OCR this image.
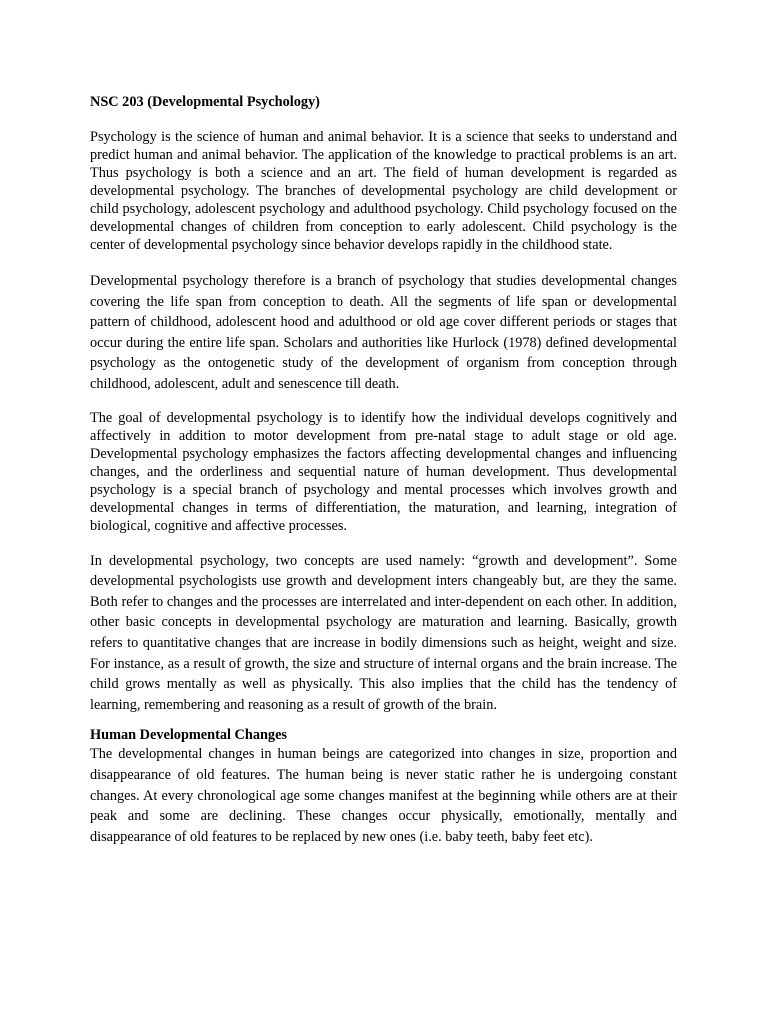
NSC 203 (Developmental Psychology)

Psychology is the science of human and animal behavior. It is a science that seeks to understand and predict human and animal behavior. The application of the knowledge to practical problems is an art. Thus psychology is both a science and an art. The field of human development is regarded as developmental psychology. The branches of developmental psychology are child development or child psychology, adolescent psychology and adulthood psychology. Child psychology focused on the developmental changes of children from conception to early adolescent. Child psychology is the center of developmental psychology since behavior develops rapidly in the childhood state.

Developmental psychology therefore is a branch of psychology that studies developmental changes covering the life span from conception to death. All the segments of life span or developmental pattern of childhood, adolescent hood and adulthood or old age cover different periods or stages that occur during the entire life span. Scholars and authorities like Hurlock (1978) defined developmental psychology as the ontogenetic study of the development of organism from conception through childhood, adolescent, adult and senescence till death.

The goal of developmental psychology is to identify how the individual develops cognitively and affectively in addition to motor development from pre-natal stage to adult stage or old age. Developmental psychology emphasizes the factors affecting developmental changes and influencing changes, and the orderliness and sequential nature of human development. Thus developmental psychology is a special branch of psychology and mental processes which involves growth and developmental changes in terms of differentiation, the maturation, and learning, integration of biological, cognitive and affective processes.

In developmental psychology, two concepts are used namely: “growth and development”. Some developmental psychologists use growth and development inters changeably but, are they the same. Both refer to changes and the processes are interrelated and inter-dependent on each other. In addition, other basic concepts in developmental psychology are maturation and learning. Basically, growth refers to quantitative changes that are increase in bodily dimensions such as height, weight and size. For instance, as a result of growth, the size and structure of internal organs and the brain increase. The child grows mentally as well as physically. This also implies that the child has the tendency of learning, remembering and reasoning as a result of growth of the brain.

Human Developmental Changes

The developmental changes in human beings are categorized into changes in size, proportion and disappearance of old features. The human being is never static rather he is undergoing constant changes. At every chronological age some changes manifest at the beginning while others are at their peak and some are declining. These changes occur physically, emotionally, mentally and disappearance of old features to be replaced by new ones (i.e. baby teeth, baby feet etc).
